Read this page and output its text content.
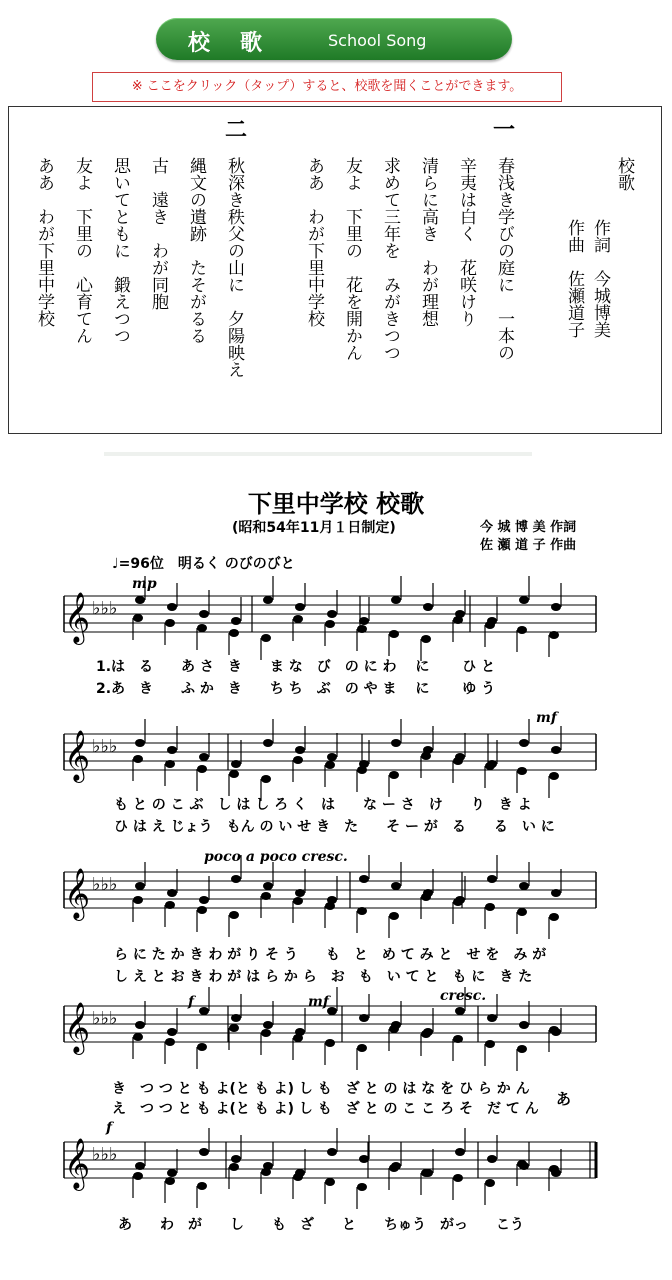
校歌 School Song
※ ここをクリック（タップ）すると、校歌を聞くことができます。
校歌
作詞　今城博美
作曲　佐瀬道子
一
春浅き学びの庭に　一本の
辛夷は白く　花咲けり
清らに高き　わが理想
求めて三年を　みがきつつ
友よ　下里の　花を開かん
ああ　わが下里中学校
二
秋深き秩父の山に　夕陽映え
縄文の遺跡　たそがるる
古　遠き　わが同胞
思いてともに　鍛えつつ
友よ　下里の　心育てん
ああ　わが下里中学校
下里中学校 校歌
(昭和54年11月１日制定)	今 城 博 美 作詞
佐 瀬 道 子 作曲
♩=96位　明るく のびのびと
mp
mf
poco a poco cresc.
f	mf	cresc.
f
𝄞 ♭♭♭
𝄞 ♭♭♭
𝄞 ♭♭♭
𝄞 ♭♭♭
𝄞 ♭♭♭
1.は　る　　あ さ　き　　ま な　び　の に わ　 に　　 ひ と
2.あ　き　　ふ か　き　　ち ち　ぶ　の や ま　 に　　 ゆ う
も と の こ ぶ　し は し ろ く　は　　な ー さ　け　　り　き よ
ひ は え じょう　もん の い せ き　た　　そ ー が　る　　る　い に
ら に た か き わ が り そ う　　も　と　め て み と　せ を　み が
し え と お き わ が は ら か ら　お　も　い て と　も に　き た
き　つ つ と も よ(と も よ) し も　ざ と の は な を ひ ら か ん
え　つ つ と も よ(と も よ) し も　ざ と の こ こ ろ そ　だ て ん
あ
あ　　わ　が　　し　　も　ざ　　と　　ちゅう　がっ　　こう
